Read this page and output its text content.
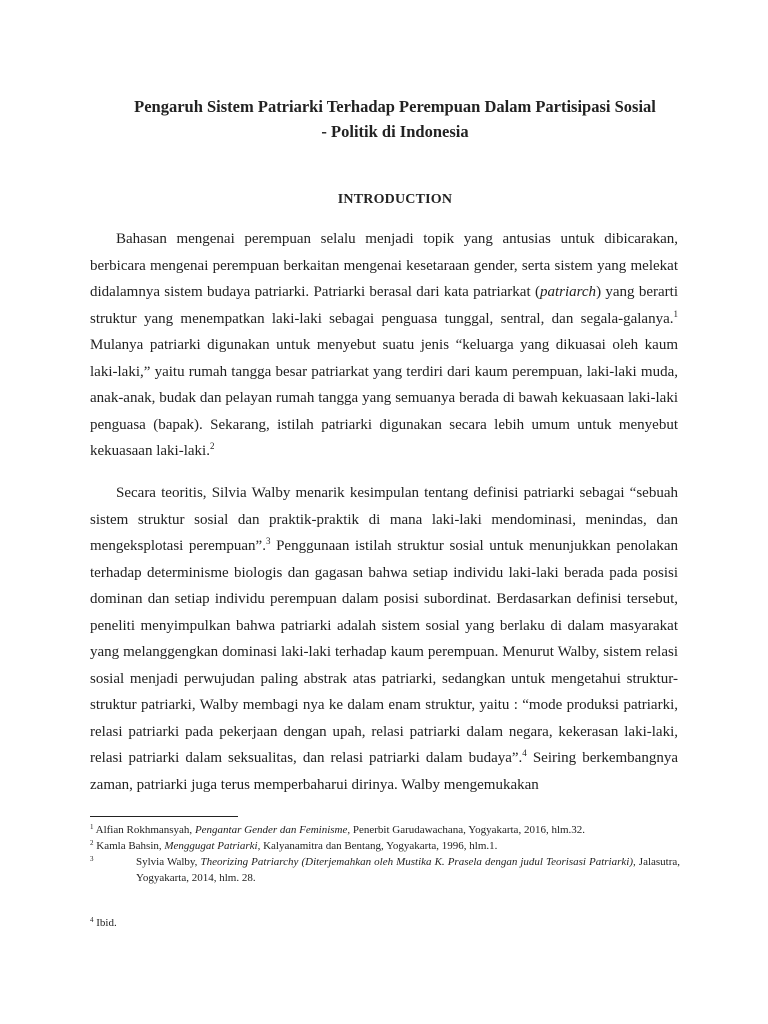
Pengaruh Sistem Patriarki Terhadap Perempuan Dalam Partisipasi Sosial
- Politik di Indonesia
INTRODUCTION

Bahasan mengenai perempuan selalu menjadi topik yang antusias untuk dibicarakan, berbicara mengenai perempuan berkaitan mengenai kesetaraan gender, serta sistem yang melekat didalamnya sistem budaya patriarki. Patriarki berasal dari kata patriarkat (patriarch) yang berarti struktur yang menempatkan laki-laki sebagai penguasa tunggal, sentral, dan segala-galanya.$^1$ Mulanya patriarki digunakan untuk menyebut suatu jenis “keluarga yang dikuasai oleh kaum laki-laki,” yaitu rumah tangga besar patriarkat yang terdiri dari kaum perempuan, laki-laki muda, anak-anak, budak dan pelayan rumah tangga yang semuanya berada di bawah kekuasaan laki-laki penguasa (bapak). Sekarang, istilah patriarki digunakan secara lebih umum untuk menyebut kekuasaan laki-laki.$^2$

Secara teoritis, Silvia Walby menarik kesimpulan tentang definisi patriarki sebagai “sebuah sistem struktur sosial dan praktik-praktik di mana laki-laki mendominasi, menindas, dan mengeksplotasi perempuan”.$^3$ Penggunaan istilah struktur sosial untuk menunjukkan penolakan terhadap determinisme biologis dan gagasan bahwa setiap individu laki-laki berada pada posisi dominan dan setiap individu perempuan dalam posisi subordinat. Berdasarkan definisi tersebut, peneliti menyimpulkan bahwa patriarki adalah sistem sosial yang berlaku di dalam masyarakat yang melanggengkan dominasi laki-laki terhadap kaum perempuan. Menurut Walby, sistem relasi sosial menjadi perwujudan paling abstrak atas patriarki, sedangkan untuk mengetahui struktur-struktur patriarki, Walby membagi nya ke dalam enam struktur, yaitu : “mode produksi patriarki, relasi patriarki pada pekerjaan dengan upah, relasi patriarki dalam negara, kekerasan laki-laki, relasi patriarki dalam seksualitas, dan relasi patriarki dalam budaya”.$^4$ Seiring berkembangnya zaman, patriarki juga terus memperbaharui dirinya. Walby mengemukakan

$^1$ Alfian Rokhmansyah, Pengantar Gender dan Feminisme, Penerbit Garudawachana, Yogyakarta, 2016, hlm.32.

$^2$ Kamla Bahsin, Menggugat Patriarki, Kalyanamitra dan Bentang, Yogyakarta, 1996, hlm.1.

$^3$	Sylvia Walby, Theorizing Patriarchy (Diterjemahkan oleh Mustika K. Prasela dengan judul Teorisasi Patriarki), Jalasutra, Yogyakarta, 2014, hlm. 28.

$^4$ Ibid.
